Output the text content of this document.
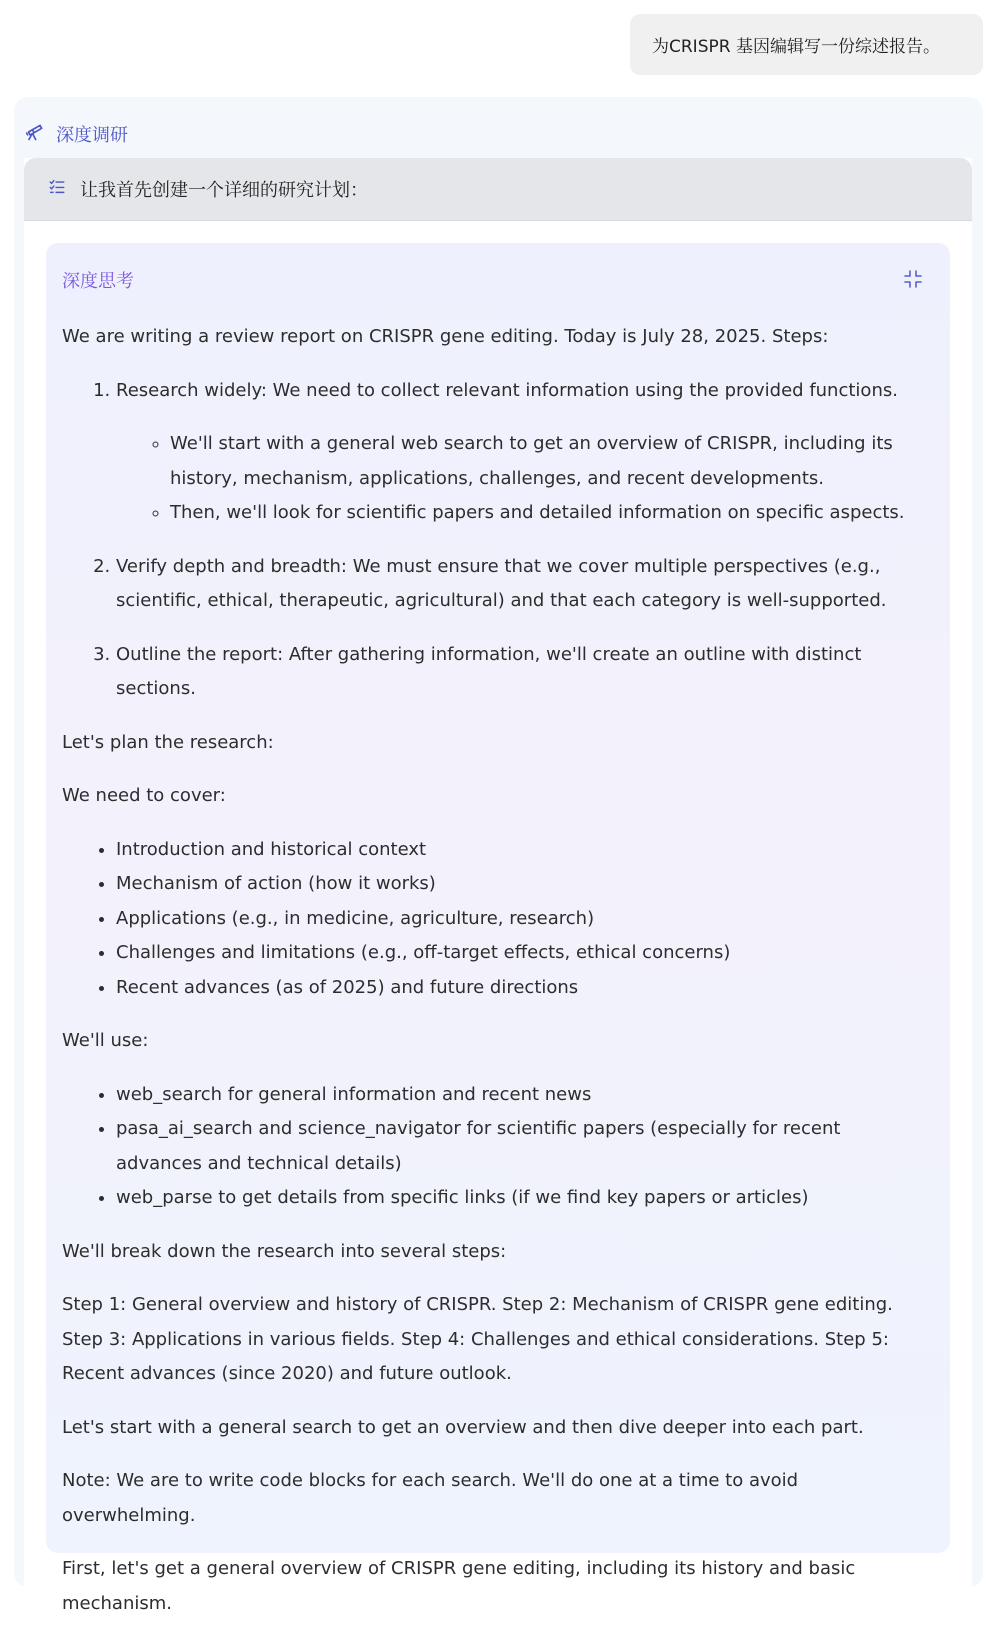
为CRISPR 基因编辑写一份综述报告。
深度调研
让我首先创建一个详细的研究计划：
深度思考

We are writing a review report on CRISPR gene editing. Today is July 28, 2025. Steps:

1. Research widely: We need to collect relevant information using the provided functions.
◦ We'll start with a general web search to get an overview of CRISPR, including its history, mechanism, applications, challenges, and recent developments.
◦ Then, we'll look for scientific papers and detailed information on specific aspects.
2. Verify depth and breadth: We must ensure that we cover multiple perspectives (e.g., scientific, ethical, therapeutic, agricultural) and that each category is well-supported.
3. Outline the report: After gathering information, we'll create an outline with distinct sections.

Let's plan the research:

We need to cover:

• Introduction and historical context
• Mechanism of action (how it works)
• Applications (e.g., in medicine, agriculture, research)
• Challenges and limitations (e.g., off-target effects, ethical concerns)
• Recent advances (as of 2025) and future directions

We'll use:

• web_search for general information and recent news
• pasa_ai_search and science_navigator for scientific papers (especially for recent advances and technical details)
• web_parse to get details from specific links (if we find key papers or articles)

We'll break down the research into several steps:

Step 1: General overview and history of CRISPR. Step 2: Mechanism of CRISPR gene editing. Step 3: Applications in various fields. Step 4: Challenges and ethical considerations. Step 5: Recent advances (since 2020) and future outlook.

Let's start with a general search to get an overview and then dive deeper into each part.

Note: We are to write code blocks for each search. We'll do one at a time to avoid overwhelming.

First, let's get a general overview of CRISPR gene editing, including its history and basic mechanism.
